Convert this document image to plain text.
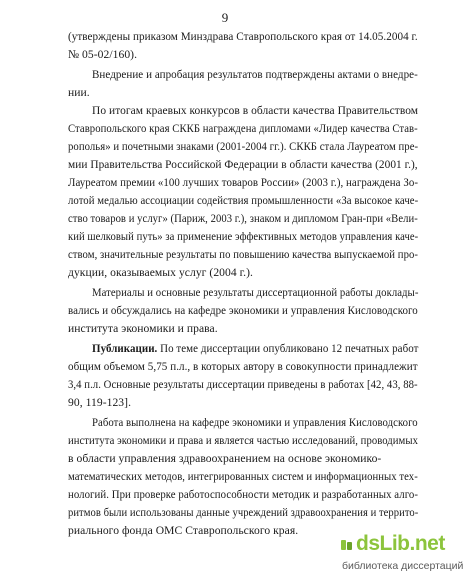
9
(утверждены приказом Минздрава Ставропольского края от 14.05.2004 г.
№ 05-02/160).
Внедрение и апробация результатов подтверждены актами о внедре-
нии.
По итогам краевых конкурсов в области качества Правительством
Ставропольского края СККБ награждена дипломами «Лидер качества Став-
рополья» и почетными знаками (2001-2004 гг.). СККБ стала Лауреатом пре-
мии Правительства Российской Федерации в области качества (2001 г.),
Лауреатом премии «100 лучших товаров России» (2003 г.), награждена Зо-
лотой медалью ассоциации содействия промышленности «За высокое каче-
ство товаров и услуг» (Париж, 2003 г.), знаком и дипломом Гран-при «Вели-
кий шелковый путь» за применение эффективных методов управления каче-
ством, значительные результаты по повышению качества выпускаемой про-
дукции, оказываемых услуг (2004 г.).
Материалы и основные результаты диссертационной работы доклады-
вались и обсуждались на кафедре экономики и управления Кисловодского
института экономики и права.
Публикации. По теме диссертации опубликовано 12 печатных работ
общим объемом 5,75 п.л., в которых автору в совокупности принадлежит
3,4 п.л. Основные результаты диссертации приведены в работах [42, 43, 88-
90, 119-123].
Работа выполнена на кафедре экономики и управления Кисловодского
института экономики и права и является частью исследований, проводимых
в области управления здравоохранением на основе экономико-
математических методов, интегрированных систем и информационных тех-
нологий. При проверке работоспособности методик и разработанных алго-
ритмов были использованы данные учреждений здравоохранения и террито-
риального фонда ОМС Ставропольского края.
dsLib.net
библиотека диссертаций
